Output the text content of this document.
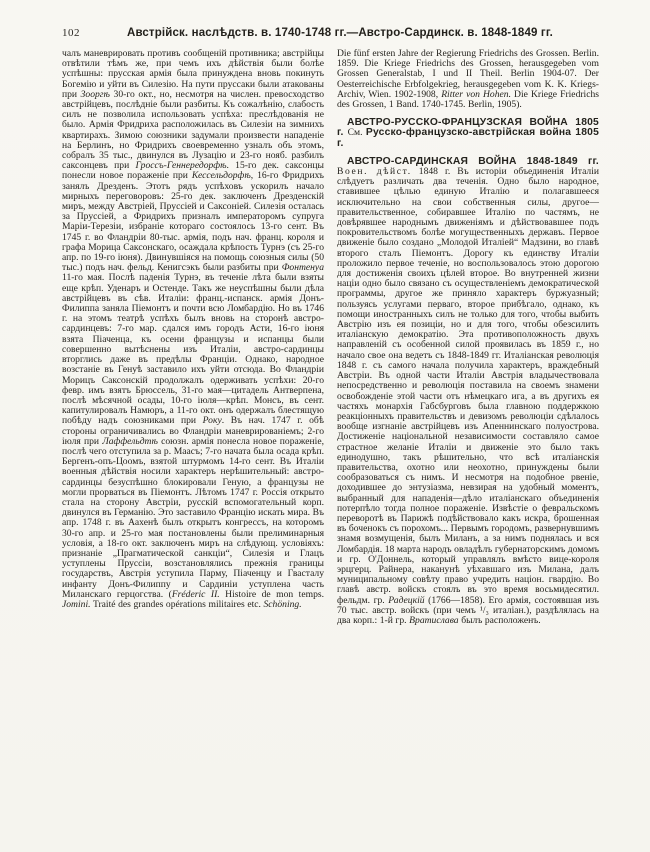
102	Австрійск. наслѣдств. в. 1740-1748 гг.—Австро-Сардинск. в. 1848-1849 гг.

чалъ маневрировать противъ сообщеній противника; австрійцы отвѣтили тѣмъ же, при чемъ ихъ дѣйствія были болѣе успѣшны: прусская армія была принуждена вновь покинуть Богемію и уйти въ Силезію. На пути пруссаки были атакованы при Зооргѣ 30-го окт., но, несмотря на числен. превосходство австрійцевъ, послѣдніе были разбиты. Къ сожалѣнію, слабость силъ не позволила использовать успѣха: преслѣдованія не было. Армія Фридриха расположилась въ Силезіи на зимнихъ квартирахъ. Зимою союзники задумали произвести нападеніе на Берлинъ, но Фридрихъ своевременно узналъ объ этомъ, собралъ 35 тыс., двинулся въ Лузацію и 23-го нояб. разбилъ саксонцевъ при Гроссъ-Геннередорфѣ. 15-го дек. саксонцы понесли новое пораженіе при Кессельдорфѣ, 16-го Фридрихъ занялъ Дрезденъ. Этотъ рядъ успѣховъ ускорилъ начало мирныхъ переговоровъ: 25-го дек. заключенъ Дрезденскій миръ, между Австріей, Пруссіей и Саксоніей. Силезія осталась за Пруссіей, а Фридрихъ призналъ императоромъ супруга Маріи-Терезіи, избраніе котораго состоялось 13-го сент. Въ 1745 г. во Фландріи 80-тыс. армія, подъ нач. франц. короля и графа Морица Саксонскаго, осаждала крѣпость Турнэ (съ 25-го апр. по 19-го іюня). Двинувшіяся на помощь союзныя силы (50 тыс.) подъ нач. фельд. Кенигсэкъ были разбиты при Фонтенуа 11-го мая. Послѣ паденія Турнэ, въ теченіе лѣта были взяты еще крѣп. Уденаръ и Остенде. Такъ же неуспѣшны были дѣла австрійцевъ въ сѣв. Италіи: франц.-испанск. армія Донъ-Филиппа заняла Піемонтъ и почти всю Ломбардію. Но въ 1746 г. на этомъ театрѣ успѣхъ былъ вновь на сторонѣ австро-сардинцевъ: 7-го мар. сдался имъ городъ Асти, 16-го іюня взята Піаченца, къ осени французы и испанцы были совершенно вытѣснены изъ Италіи, австро-сардинцы вторглись даже въ предѣлы Франціи. Однако, народное возстаніе въ Генуѣ заставило ихъ уйти отсюда. Во Фландріи Морицъ Саксонскій продолжалъ одерживать успѣхи: 20-го февр. имъ взятъ Брюссель, 31-го мая—цитадель Антверпена, послѣ мѣсячной осады, 10-го іюля—крѣп. Монсъ, въ сент. капитулировалъ Намюръ, а 11-го окт. онъ одержалъ блестящую побѣду надъ союзниками при Року. Въ нач. 1747 г. обѣ стороны ограничивались во Фландріи маневрированіемъ; 2-го іюля при Лаффельдтѣ союзн. армія понесла новое пораженіе, послѣ чего отступила за р. Маасъ; 7-го начата была осада крѣп. Бергенъ-опъ-Цоомъ, взятой штурмомъ 14-го сент. Въ Италіи военныя дѣйствія носили характеръ нерѣшительный: австро-сардинцы безуспѣшно блокировали Геную, а французы не могли прорваться въ Піемонтъ. Лѣтомъ 1747 г. Россія открыто стала на сторону Австріи, русскій вспомогательный корп. двинулся въ Германію. Это заставило Францію искать мира. Въ апр. 1748 г. въ Аахенѣ былъ открытъ конгрессъ, на которомъ 30-го апр. и 25-го мая постановлены были прелиминарныя условія, а 18-го окт. заключенъ миръ на слѣдующ. условіяхъ: признаніе „Прагматической санкціи“, Силезія и Глацъ уступлены Пруссіи, возстановлялись прежнія границы государствъ, Австрія уступила Парму, Піаченцу и Гвасталу инфанту Донъ-Филиппу и Сардиніи уступлена часть Миланскаго герцогства. (Fréderic II. Histoire de mon temps. Jomini. Traité des grandes opérations militaires etc. Schöning.

Die fünf ersten Jahre der Regierung Friedrichs des Grossen. Berlin. 1859. Die Kriege Friedrichs des Grossen, herausgegeben vom Grossen Generalstab, I und II Theil. Berlin 1904-07. Der Oesterreichische Erbfolgekrieg, herausgegeben vom K. K. Kriegs-Archiv, Wien. 1902-1908, Ritter von Hohen. Die Kriege Friedrichs des Grossen, 1 Band. 1740-1745. Berlin, 1905).

АВСТРО-РУССКО-ФРАНЦУЗСКАЯ ВОЙНА 1805 г. См. Русско-французско-австрійская война 1805 г.

АВСТРО-САРДИНСКАЯ ВОЙНА 1848-1849 гг. Воен. дѣйст. 1848 г. Въ исторіи объединенія Италіи слѣдуетъ различать два теченія. Одно было народное, ставившее цѣлью единую Италію и полагавшееся исключительно на свои собственныя силы, другое—правительственное, собиравшее Италію по частямъ, не довѣрявшее народнымъ движеніямъ и дѣйствовавшее подъ покровительствомъ болѣе могущественныхъ державъ. Первое движеніе было создано „Молодой Италіей“ Мадзини, во главѣ второго сталъ Піемонтъ. Дорогу къ единству Италіи проложило первое теченіе, но воспользовалось этою дорогою для достиженія своихъ цѣлей второе. Во внутренней жизни націи одно было связано съ осуществленіемъ демократической программы, другое же приняло характеръ буржуазный; пользуясь услугами перваго, второе прибѣгало, однако, къ помощи иностранныхъ силъ не только для того, чтобы выбить Австрію изъ ея позиціи, но и для того, чтобы обезсилить италіанскую демократію. Эта противоположность двухъ направленій съ особенной силой проявилась въ 1859 г., но начало свое она ведетъ съ 1848-1849 гг. Италіанская революція 1848 г. съ самого начала получила характеръ, враждебный Австріи. Въ одной части Италіи Австрія владычествовала непосредственно и революція поставила на своемъ знамени освобожденіе этой части отъ нѣмецкаго ига, а въ другихъ ея частяхъ монархія Габсбурговъ была главною поддержкою реакціонныхъ правительствъ и девизомъ революціи сдѣлалось вообще изгнаніе австрійцевъ изъ Апеннинскаго полуострова. Достиженіе національной независимости составляло самое страстное желаніе Италіи и движеніе это было такъ единодушно, такъ рѣшительно, что всѣ италіанскія правительства, охотно или неохотно, принуждены были сообразоваться съ нимъ. И несмотря на подобное рвеніе, доходившее до энтузіазма, невзирая на удобный моментъ, выбранный для нападенія—дѣло италіанскаго объединенія потерпѣло тогда полное пораженіе. Извѣстіе о февральскомъ переворотѣ въ Парижѣ подѣйствовало какъ искра, брошенная въ боченокъ съ порохомъ... Первымъ городомъ, развернувшимъ знамя возмущенія, былъ Миланъ, а за нимъ поднялась и вся Ломбардія. 18 марта народъ овладѣлъ губернаторскимъ домомъ и гр. О'Доннель, который управлялъ вмѣсто вице-короля эрцгерц. Райнера, наканунѣ уѣхавшаго изъ Милана, далъ муниципальному совѣту право учредить націон. гвардію. Во главѣ австр. войскъ стоялъ въ это время восьмидесятил. фельдм. гр. Радецкій (1766—1858). Его армія, состоявшая изъ 70 тыс. австр. войскъ (при чемъ ¹/₃ италіан.), раздѣлялась на два корп.: 1-й гр. Вратислава былъ расположенъ.
